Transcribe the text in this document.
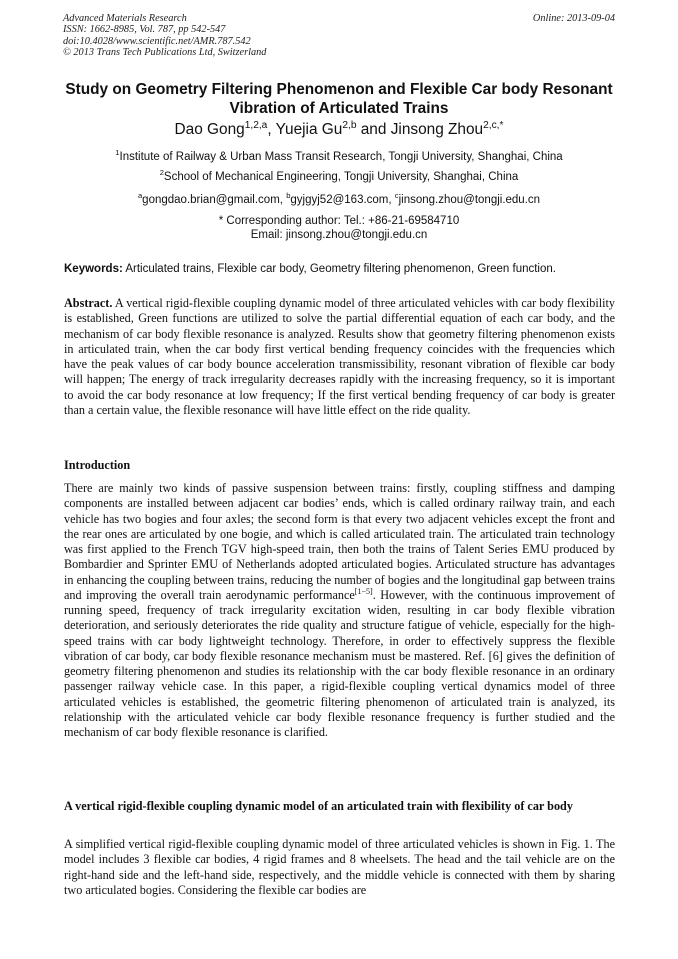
Advanced Materials Research
ISSN: 1662-8985, Vol. 787, pp 542-547
doi:10.4028/www.scientific.net/AMR.787.542
© 2013 Trans Tech Publications Ltd, Switzerland
Online: 2013-09-04
Study on Geometry Filtering Phenomenon and Flexible Car body Resonant Vibration of Articulated Trains
Dao Gong$^{1,2,a}$, Yuejia Gu$^{2,b}$ and Jinsong Zhou$^{2,c,*}$
$^1$Institute of Railway & Urban Mass Transit Research, Tongji University, Shanghai, China
$^2$School of Mechanical Engineering, Tongji University, Shanghai, China
$^a$gongdao.brian@gmail.com, $^b$gyjgyj52@163.com, $^c$jinsong.zhou@tongji.edu.cn
* Corresponding author: Tel.: +86-21-69584710
Email: jinsong.zhou@tongji.edu.cn
Keywords: Articulated trains, Flexible car body, Geometry filtering phenomenon, Green function.

Abstract. A vertical rigid-flexible coupling dynamic model of three articulated vehicles with car body flexibility is established, Green functions are utilized to solve the partial differential equation of each car body, and the mechanism of car body flexible resonance is analyzed. Results show that geometry filtering phenomenon exists in articulated train, when the car body first vertical bending frequency coincides with the frequencies which have the peak values of car body bounce acceleration transmissibility, resonant vibration of flexible car body will happen; The energy of track irregularity decreases rapidly with the increasing frequency, so it is important to avoid the car body resonance at low frequency; If the first vertical bending frequency of car body is greater than a certain value, the flexible resonance will have little effect on the ride quality.

Introduction

There are mainly two kinds of passive suspension between trains: firstly, coupling stiffness and damping components are installed between adjacent car bodies’ ends, which is called ordinary railway train, and each vehicle has two bogies and four axles; the second form is that every two adjacent vehicles except the front and the rear ones are articulated by one bogie, and which is called articulated train. The articulated train technology was first applied to the French TGV high-speed train, then both the trains of Talent Series EMU produced by Bombardier and Sprinter EMU of Netherlands adopted articulated bogies. Articulated structure has advantages in enhancing the coupling between trains, reducing the number of bogies and the longitudinal gap between trains and improving the overall train aerodynamic performance[1−5]. However, with the continuous improvement of running speed, frequency of track irregularity excitation widen, resulting in car body flexible vibration deterioration, and seriously deteriorates the ride quality and structure fatigue of vehicle, especially for the high-speed trains with car body lightweight technology. Therefore, in order to effectively suppress the flexible vibration of car body, car body flexible resonance mechanism must be mastered. Ref. [6] gives the definition of geometry filtering phenomenon and studies its relationship with the car body flexible resonance in an ordinary passenger railway vehicle case. In this paper, a rigid-flexible coupling vertical dynamics model of three articulated vehicles is established, the geometric filtering phenomenon of articulated train is analyzed, its relationship with the articulated vehicle car body flexible resonance frequency is further studied and the mechanism of car body flexible resonance is clarified.

A vertical rigid-flexible coupling dynamic model of an articulated train with flexibility of car body

A simplified vertical rigid-flexible coupling dynamic model of three articulated vehicles is shown in Fig. 1. The model includes 3 flexible car bodies, 4 rigid frames and 8 wheelsets. The head and the tail vehicle are on the right-hand side and the left-hand side, respectively, and the middle vehicle is connected with them by sharing two articulated bogies. Considering the flexible car bodies are
